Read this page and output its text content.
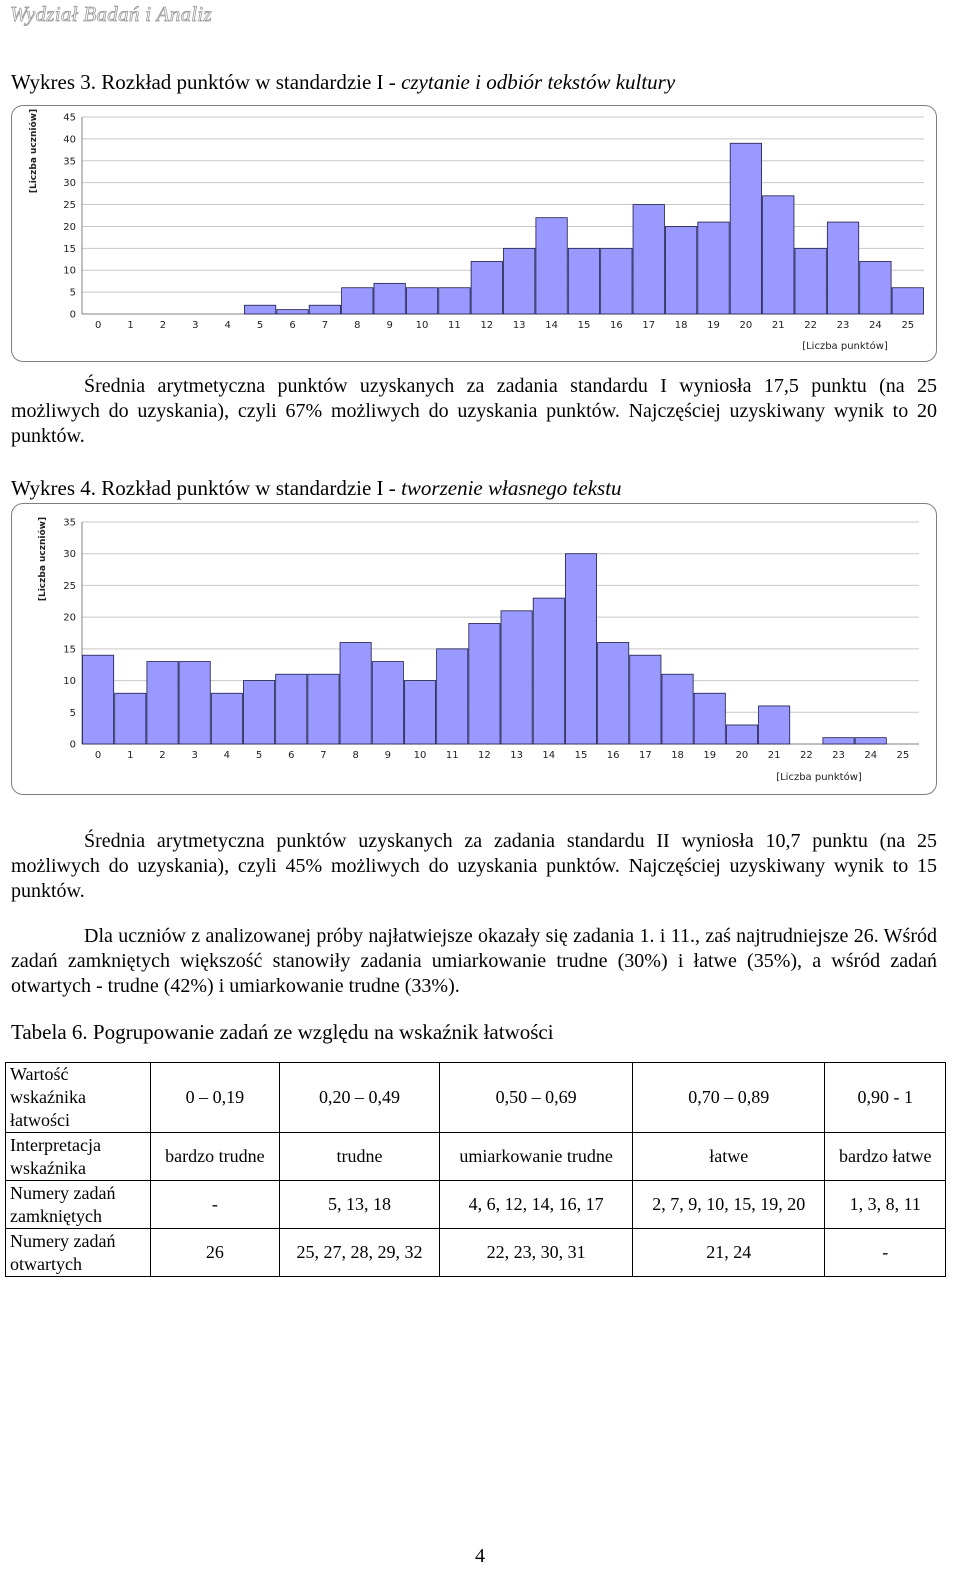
Wydział Badań i Analiz
Wykres 3. Rozkład punktów w standardzie I - czytanie i odbiór tekstów kultury
0
5
10
15
20
25
30
35
40
45
0	1	2	3	4	5	6	7	8	9 10 11 12 13 14 15 16 17 18 19 20 21 22 23 24 25
[Liczba uczniów]
[Liczba punktów]
Średnia arytmetyczna punktów uzyskanych za zadania standardu I wyniosła 17,5 punktu (na 25 możliwych do uzyskania), czyli 67% możliwych do uzyskania punktów. Najczęściej uzyskiwany wynik to 20 punktów.
Wykres 4. Rozkład punktów w standardzie I - tworzenie własnego tekstu
0
5
10
15
20
25
30
35
0	1	2	3	4	5	6	7	8	9 10 11 12 13 14 15 16 17 18 19 20 21 22 23 24 25
[Liczba uczniów]
[Liczba punktów]
Średnia arytmetyczna punktów uzyskanych za zadania standardu II wyniosła 10,7 punktu (na 25 możliwych do uzyskania), czyli 45% możliwych do uzyskania punktów. Najczęściej uzyskiwany wynik to 15 punktów.
Dla uczniów z analizowanej próby najłatwiejsze okazały się zadania 1. i 11., zaś najtrudniejsze 26. Wśród zadań zamkniętych większość stanowiły zadania umiarkowanie trudne (30%) i łatwe (35%), a wśród zadań otwartych - trudne (42%) i umiarkowanie trudne (33%).
Tabela 6. Pogrupowanie zadań ze względu na wskaźnik łatwości
Wartość wskaźnika łatwości	0 – 0,19	0,20 – 0,49	0,50 – 0,69	0,70 – 0,89	0,90 - 1
Interpretacja wskaźnika	bardzo trudne	trudne	umiarkowanie trudne	łatwe	bardzo łatwe
Numery zadań zamkniętych	-	5, 13, 18	4, 6, 12, 14, 16, 17	2, 7, 9, 10, 15, 19, 20	1, 3, 8, 11
Numery zadań otwartych	26	25, 27, 28, 29, 32	22, 23, 30, 31	21, 24	-
4
